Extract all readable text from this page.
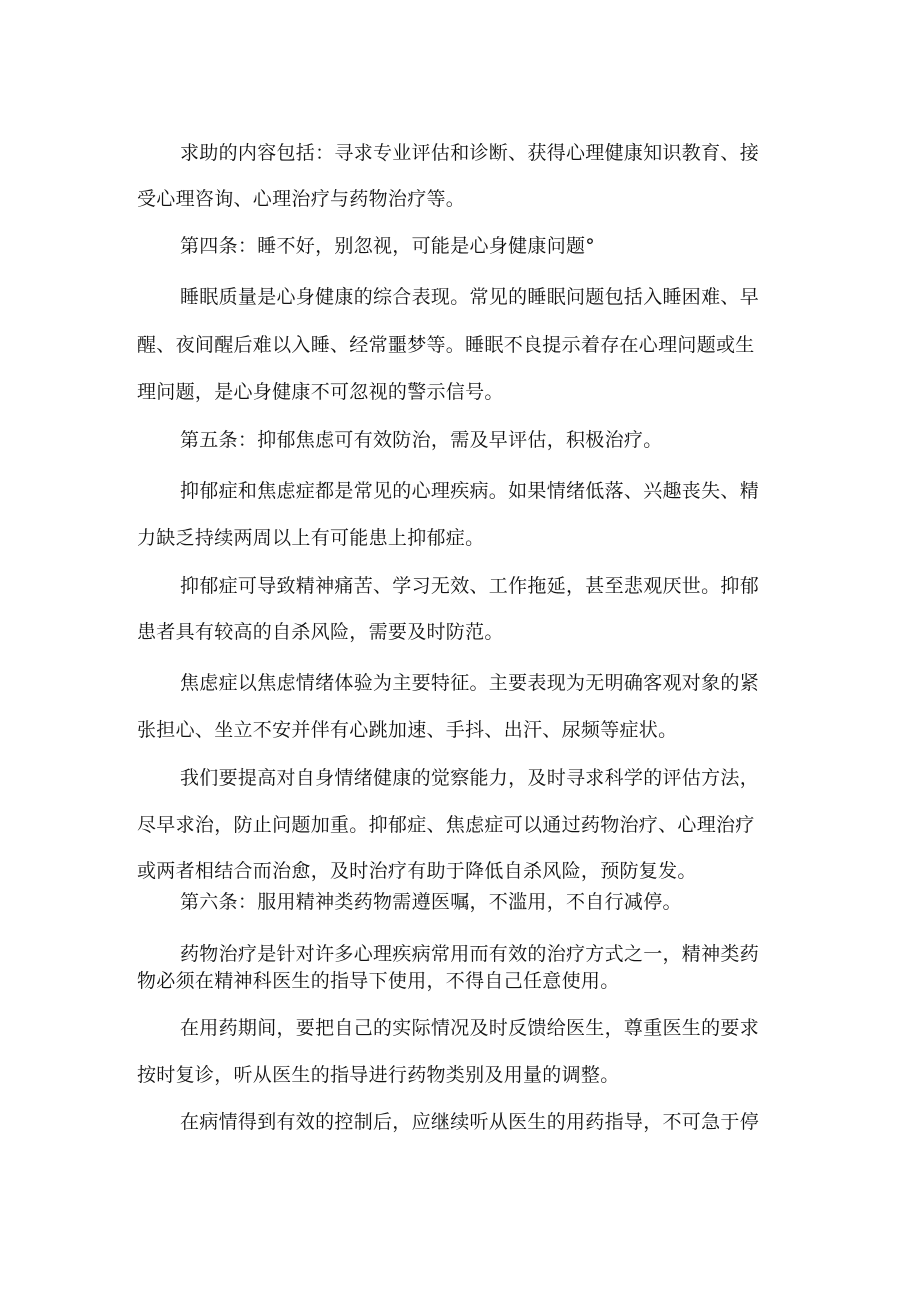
求助的内容包括：寻求专业评估和诊断、获得心理健康知识教育、接

受心理咨询、心理治疗与药物治疗等。

第四条：睡不好，别忽视，可能是心身健康问题°

睡眠质量是心身健康的综合表现。常见的睡眠问题包括入睡困难、早

醒、夜间醒后难以入睡、经常噩梦等。睡眠不良提示着存在心理问题或生

理问题，是心身健康不可忽视的警示信号。

第五条：抑郁焦虑可有效防治，需及早评估，积极治疗。

抑郁症和焦虑症都是常见的心理疾病。如果情绪低落、兴趣丧失、精

力缺乏持续两周以上有可能患上抑郁症。

抑郁症可导致精神痛苦、学习无效、工作拖延，甚至悲观厌世。抑郁

患者具有较高的自杀风险，需要及时防范。

焦虑症以焦虑情绪体验为主要特征。主要表现为无明确客观对象的紧

张担心、坐立不安并伴有心跳加速、手抖、出汗、尿频等症状。

我们要提高对自身情绪健康的觉察能力，及时寻求科学的评估方法，

尽早求治，防止问题加重。抑郁症、焦虑症可以通过药物治疗、心理治疗

或两者相结合而治愈，及时治疗有助于降低自杀风险，预防复发。

第六条：服用精神类药物需遵医嘱，不滥用，不自行减停。

药物治疗是针对许多心理疾病常用而有效的治疗方式之一，精神类药

物必须在精神科医生的指导下使用，不得自己任意使用。

在用药期间，要把自己的实际情况及时反馈给医生，尊重医生的要求

按时复诊，听从医生的指导进行药物类别及用量的调整。

在病情得到有效的控制后，应继续听从医生的用药指导，不可急于停
